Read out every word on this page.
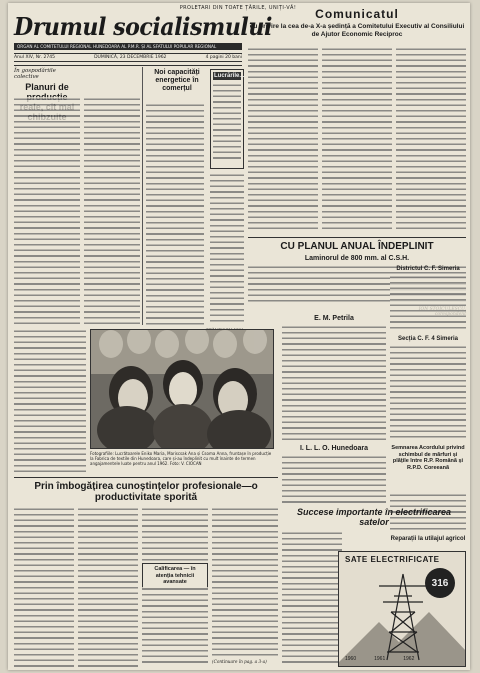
PROLETARI DIN TOATE ȚĂRILE, UNIȚI-VĂ!
Drumul socialismului
ORGAN AL COMITETULUI REGIONAL HUNEDOARA AL P.M.R. ȘI AL SFATULUI POPULAR REGIONAL
Anul XIV, Nr. 2745	DUMINICĂ, 23 DECEMBRIE 1962	4 pagini 20 bani
Comunicatul
cu privire la cea de-a X-a ședință a Comitetului Executiv al Consiliului de Ajutor Economic Reciproc
În gospodăriile colective
Planuri de
Noi capacități energetice în comerțul
Lucrările...
CU PLANUL ANUAL ÎNDEPLINIT
Laminorul de 800 mm. al C.S.H.
E. M. Petrila
I. L. L. O. Hunedoara
Districtul C. F. Simeria
Secția C. F. 4 Simeria
Fotografiile: Lucrătoarele Eniko Maria, Mariscsak Ana și Csoma Anna, fruntașe în producție la Fabrica de textile din Hunedoara, care și-au îndeplinit cu mult înainte de termen angajamentele luate pentru anul 1962. Foto: V. CIOCAN
Semnarea Acordului privind schimbul de mărfuri și plățile între R.P. Română și R.P.D. Coreeană
Reparații la utilajul agricol
Prin îmbogățirea cunoștințelor profesionale—o productivitate sporită
Calificarea — în atenția tehnicii avansate
(Continuare în pag. a 3-a)
Succese importante în electrificarea satelor
SATE ELECTRIFICATE
316
1960	1961	1962
